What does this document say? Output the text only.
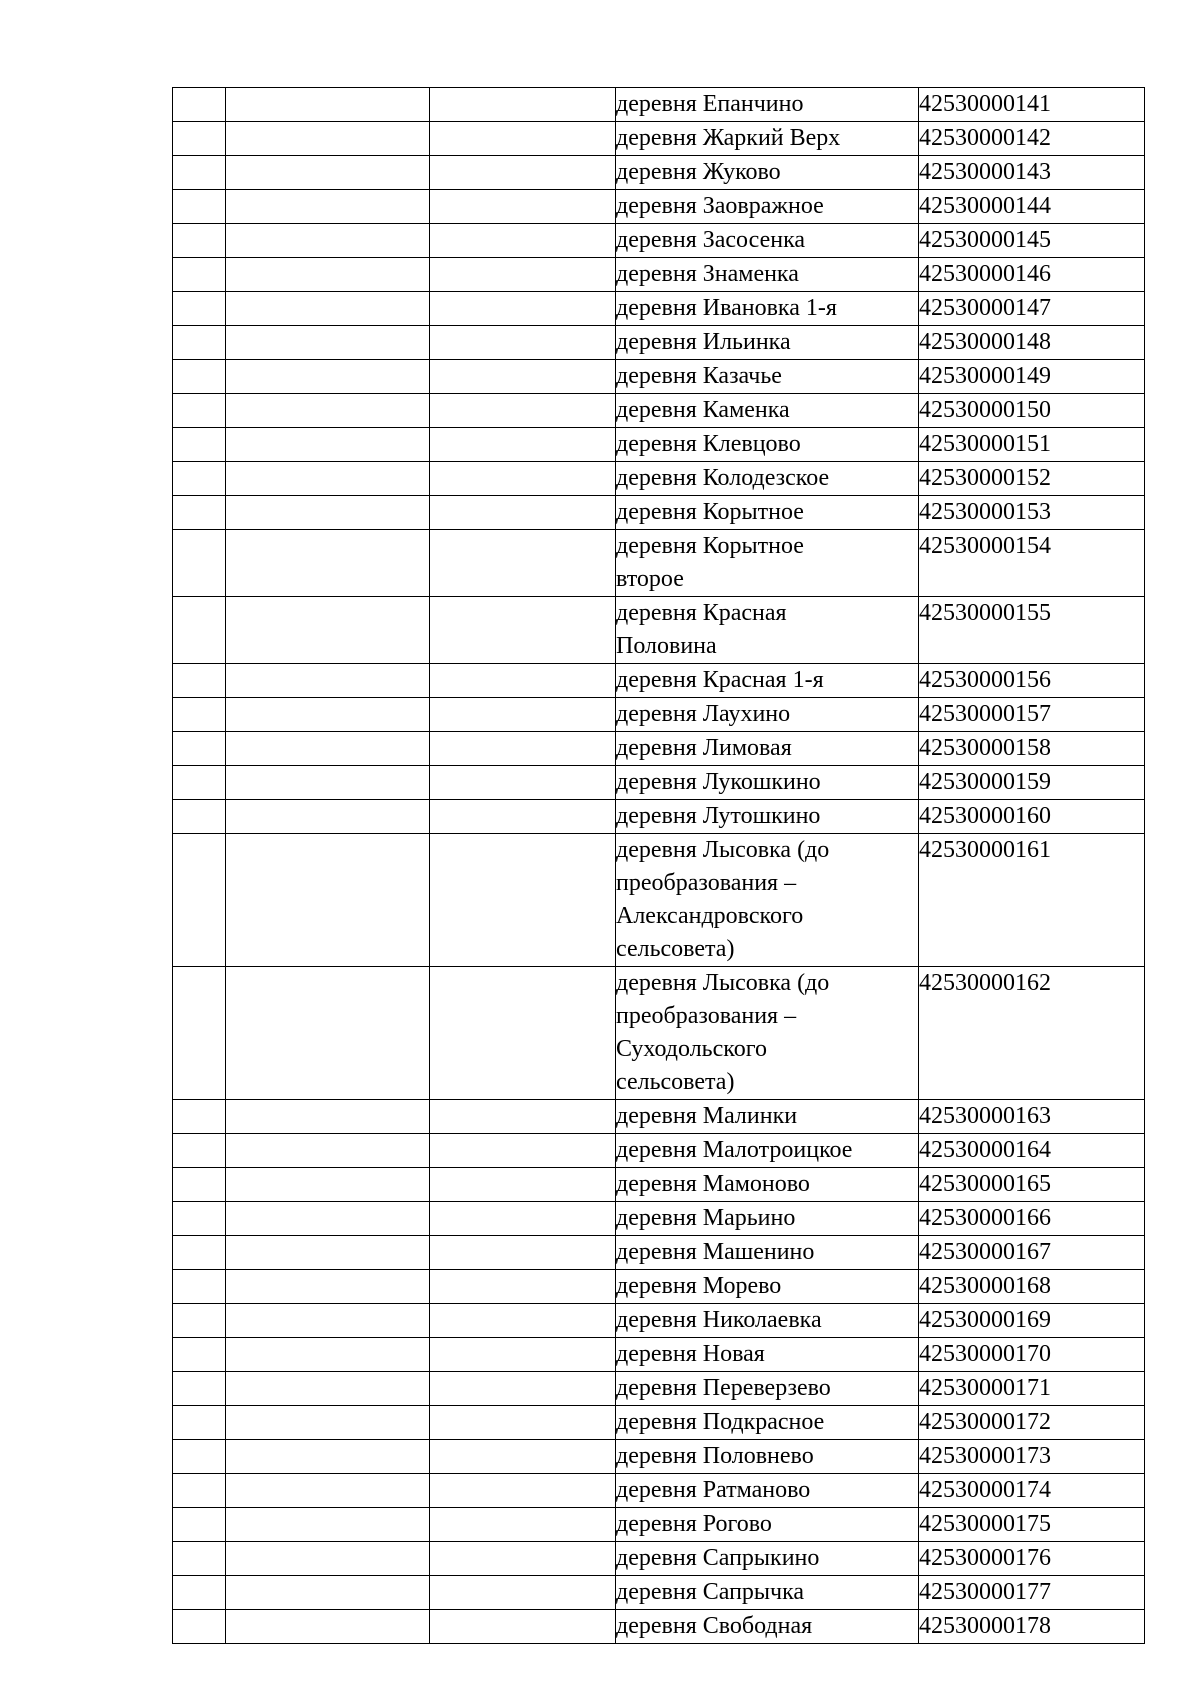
			деревня Епанчино	42530000141
			деревня Жаркий Верх	42530000142
			деревня Жуково	42530000143
			деревня Заовражное	42530000144
			деревня Засосенка	42530000145
			деревня Знаменка	42530000146
			деревня Ивановка 1-я	42530000147
			деревня Ильинка	42530000148
			деревня Казачье	42530000149
			деревня Каменка	42530000150
			деревня Клевцово	42530000151
			деревня Колодезское	42530000152
			деревня Корытное	42530000153
			деревня Корытное
второе	42530000154
			деревня Красная
Половина	42530000155
			деревня Красная 1-я	42530000156
			деревня Лаухино	42530000157
			деревня Лимовая	42530000158
			деревня Лукошкино	42530000159
			деревня Лутошкино	42530000160
			деревня Лысовка (до
преобразования –
Александровского
сельсовета)	42530000161
			деревня Лысовка (до
преобразования –
Суходольского
сельсовета)	42530000162
			деревня Малинки	42530000163
			деревня Малотроицкое	42530000164
			деревня Мамоново	42530000165
			деревня Марьино	42530000166
			деревня Машенино	42530000167
			деревня Морево	42530000168
			деревня Николаевка	42530000169
			деревня Новая	42530000170
			деревня Переверзево	42530000171
			деревня Подкрасное	42530000172
			деревня Половнево	42530000173
			деревня Ратманово	42530000174
			деревня Рогово	42530000175
			деревня Сапрыкино	42530000176
			деревня Сапрычка	42530000177
			деревня Свободная	42530000178
